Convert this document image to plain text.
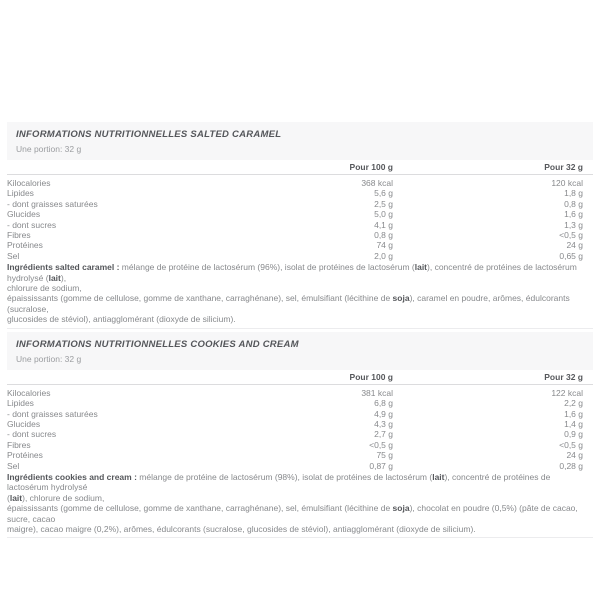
INFORMATIONS NUTRITIONNELLES SALTED CARAMEL
Une portion: 32 g
Pour 100 g	Pour 32 g
Kilocalories	368 kcal	120 kcal
Lipides	5,6 g	1,8 g
- dont graisses saturées	2,5 g	0,8 g
Glucides	5,0 g	1,6 g
- dont sucres	4,1 g	1,3 g
Fibres	0,8 g	<0,5 g
Protéines	74 g	24 g
Sel	2,0 g	0,65 g
Ingrédients salted caramel : mélange de protéine de lactosérum (96%), isolat de protéines de lactosérum (lait), concentré de protéines de lactosérum hydrolysé (lait),
chlorure de sodium,
épaississants (gomme de cellulose, gomme de xanthane, carraghénane), sel, émulsifiant (lécithine de soja), caramel en poudre, arômes, édulcorants (sucralose,
glucosides de stéviol), antiagglomérant (dioxyde de silicium).
INFORMATIONS NUTRITIONNELLES COOKIES AND CREAM
Une portion: 32 g
Pour 100 g	Pour 32 g
Kilocalories	381 kcal	122 kcal
Lipides	6,8 g	2,2 g
- dont graisses saturées	4,9 g	1,6 g
Glucides	4,3 g	1,4 g
- dont sucres	2,7 g	0,9 g
Fibres	<0,5 g	<0,5 g
Protéines	75 g	24 g
Sel	0,87 g	0,28 g
Ingrédients cookies and cream : mélange de protéine de lactosérum (98%), isolat de protéines de lactosérum (lait), concentré de protéines de lactosérum hydrolysé
(lait), chlorure de sodium,
épaississants (gomme de cellulose, gomme de xanthane, carraghénane), sel, émulsifiant (lécithine de soja), chocolat en poudre (0,5%) (pâte de cacao, sucre, cacao
maigre), cacao maigre (0,2%), arômes, édulcorants (sucralose, glucosides de stéviol), antiagglomérant (dioxyde de silicium).
